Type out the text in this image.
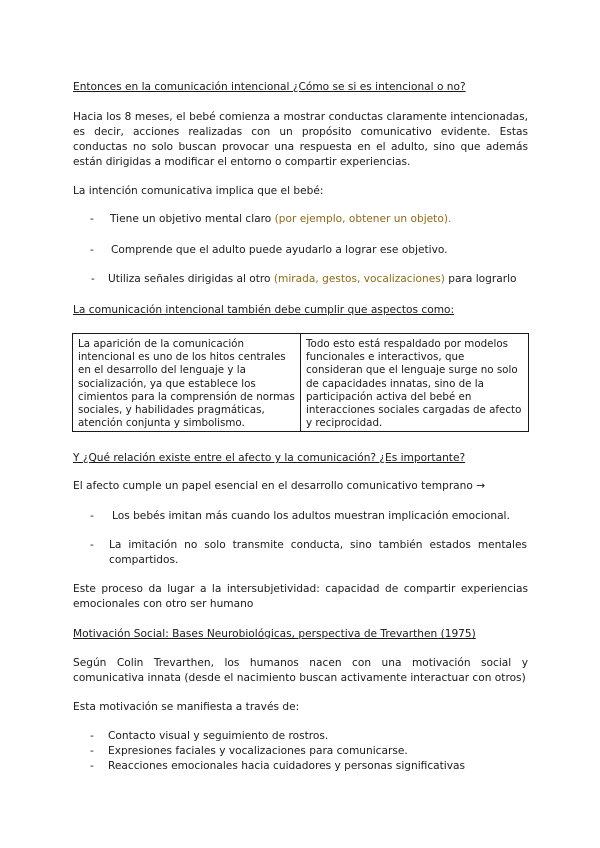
Entonces en la comunicación intencional ¿Cómo se si es intencional o no?

Hacia los 8 meses, el bebé comienza a mostrar conductas claramente intencionadas, es decir, acciones realizadas con un propósito comunicativo evidente. Estas conductas no solo buscan provocar una respuesta en el adulto, sino que además están dirigidas a modificar el entorno o compartir experiencias.

La intención comunicativa implica que el bebé:

-	Tiene un objetivo mental claro (por ejemplo, obtener un objeto).

-	Comprende que el adulto puede ayudarlo a lograr ese objetivo.

-	Utiliza señales dirigidas al otro (mirada, gestos, vocalizaciones) para lograrlo

La comunicación intencional también debe cumplir que aspectos como:

La aparición de la comunicación intencional es uno de los hitos centrales en el desarrollo del lenguaje y la socialización, ya que establece los cimientos para la comprensión de normas sociales, y habilidades pragmáticas, atención conjunta y simbolismo.	Todo esto está respaldado por modelos funcionales e interactivos, que consideran que el lenguaje surge no solo de capacidades innatas, sino de la participación activa del bebé en interacciones sociales cargadas de afecto y reciprocidad.

Y ¿Qué relación existe entre el afecto y la comunicación? ¿Es importante?

El afecto cumple un papel esencial en el desarrollo comunicativo temprano →

-	Los bebés imitan más cuando los adultos muestran implicación emocional.

-	La imitación no solo transmite conducta, sino también estados mentales compartidos.

Este proceso da lugar a la intersubjetividad: capacidad de compartir experiencias emocionales con otro ser humano

Motivación Social: Bases Neurobiológicas, perspectiva de Trevarthen (1975)

Según Colin Trevarthen, los humanos nacen con una motivación social y comunicativa innata (desde el nacimiento buscan activamente interactuar con otros)

Esta motivación se manifiesta a través de:

-	Contacto visual y seguimiento de rostros.

-	Expresiones faciales y vocalizaciones para comunicarse.

-	Reacciones emocionales hacia cuidadores y personas significativas
